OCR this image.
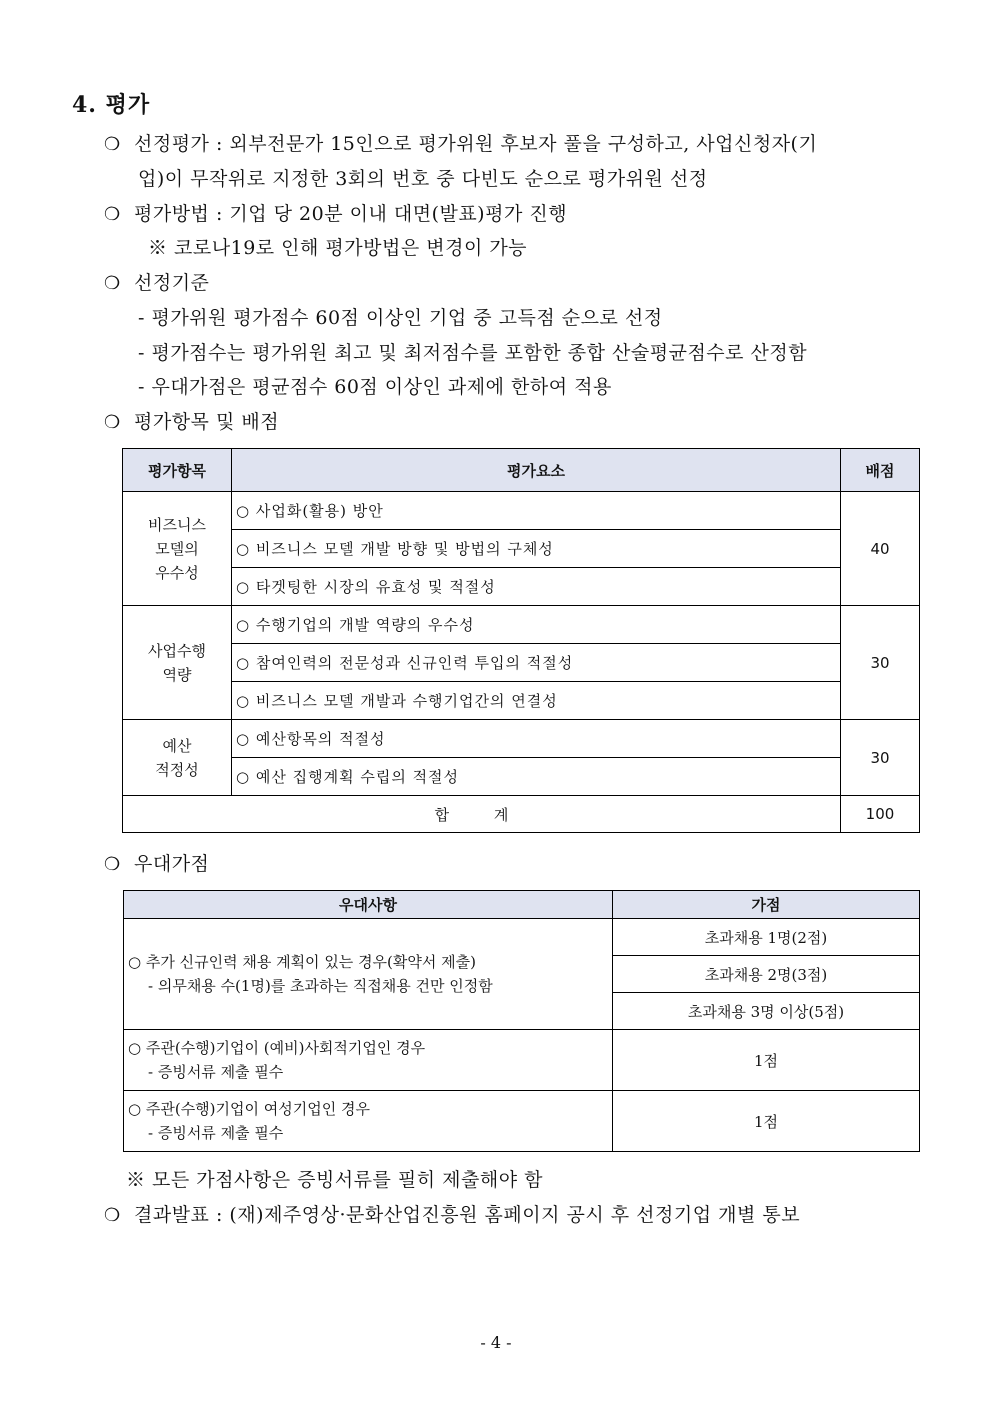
4. 평가
❍ 선정평가 : 외부전문가 15인으로 평가위원 후보자 풀을 구성하고, 사업신청자(기
업)이 무작위로 지정한 3회의 번호 중 다빈도 순으로 평가위원 선정
❍ 평가방법 : 기업 당 20분 이내 대면(발표)평가 진행
※ 코로나19로 인해 평가방법은 변경이 가능
❍ 선정기준
- 평가위원 평가점수 60점 이상인 기업 중 고득점 순으로 선정
- 평가점수는 평가위원 최고 및 최저점수를 포함한 종합 산술평균점수로 산정함
- 우대가점은 평균점수 60점 이상인 과제에 한하여 적용
❍ 평가항목 및 배점
평가항목	평가요소	배점

비즈니스
모델의
우수성	○ 사업화(활용) 방안	40
	○ 비즈니스 모델 개발 방향 및 방법의 구체성	
	○ 타겟팅한 시장의 유효성 및 적절성	

사업수행
역량	○ 수행기업의 개발 역량의 우수성	30
	○ 참여인력의 전문성과 신규인력 투입의 적절성	
	○ 비즈니스 모델 개발과 수행기업간의 연결성	

예산
적정성	○ 예산항목의 적절성	30
	○ 예산 집행계획 수립의 적절성	
합 계		100
❍ 우대가점
우대사항	가점
○ 추가 신규인력 채용 계획이 있는 경우(확약서 제출)
- 의무채용 수(1명)를 초과하는 직접채용 건만 인정함	초과채용 1명(2점)
	초과채용 2명(3점)
	초과채용 3명 이상(5점)
○ 주관(수행)기업이 (예비)사회적기업인 경우
- 증빙서류 제출 필수	1점
○ 주관(수행)기업이 여성기업인 경우
- 증빙서류 제출 필수	1점
※ 모든 가점사항은 증빙서류를 필히 제출해야 함
❍ 결과발표 : (재)제주영상·문화산업진흥원 홈페이지 공시 후 선정기업 개별 통보
- 4 -
